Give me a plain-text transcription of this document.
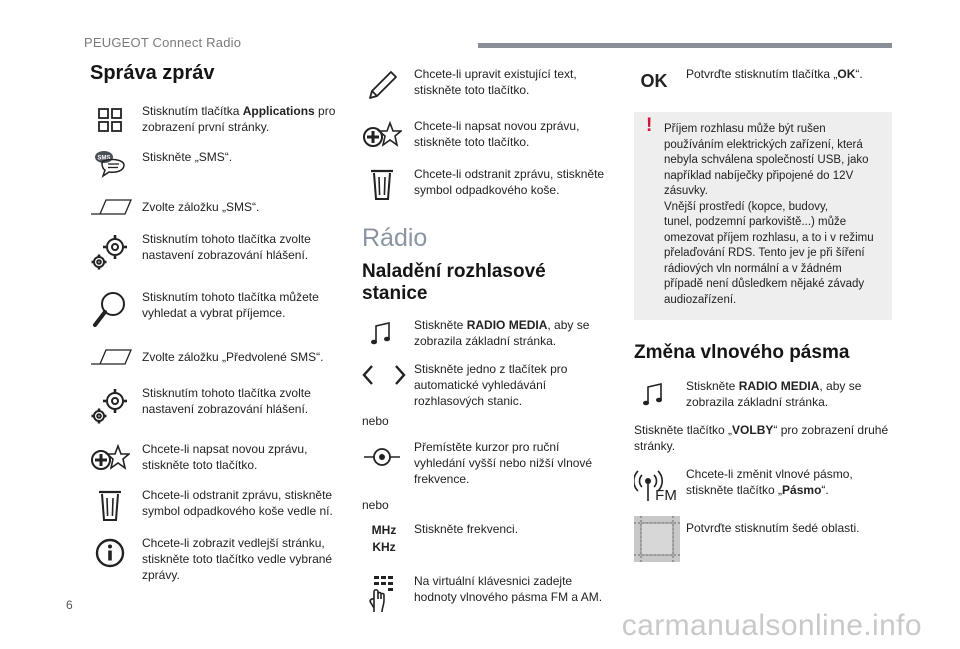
PEUGEOT Connect Radio
Správa zpráv
Stisknutím tlačítka Applications pro zobrazení první stránky.
SMS	Stiskněte „SMS“.
Zvolte záložku „SMS“.
Stisknutím tohoto tlačítka zvolte nastavení zobrazování hlášení.
Stisknutím tohoto tlačítka můžete vyhledat a vybrat příjemce.
Zvolte záložku „Předvolené SMS“.
Stisknutím tohoto tlačítka zvolte nastavení zobrazování hlášení.
Chcete-li napsat novou zprávu, stiskněte toto tlačítko.
Chcete-li odstranit zprávu, stiskněte symbol odpadkového koše vedle ní.
Chcete-li zobrazit vedlejší stránku, stiskněte toto tlačítko vedle vybrané zprávy.
Chcete-li upravit existující text, stiskněte toto tlačítko.
Chcete-li napsat novou zprávu, stiskněte toto tlačítko.
Chcete-li odstranit zprávu, stiskněte symbol odpadkového koše.
Rádio
Naladění rozhlasové stanice
Stiskněte RADIO MEDIA, aby se zobrazila základní stránka.
Stiskněte jedno z tlačítek pro automatické vyhledávání rozhlasových stanic.
nebo
Přemístěte kurzor pro ruční vyhledání vyšší nebo nižší vlnové frekvence.
nebo
MHz
KHz
Stiskněte frekvenci.
Na virtuální klávesnici zadejte hodnoty vlnového pásma FM a AM.
OK	Potvrďte stisknutím tlačítka „OK“.
! Příjem rozhlasu může být rušen
používáním elektrických zařízení, která
nebyla schválena společností USB, jako
například nabíječky připojené do 12V
zásuvky.
Vnější prostředí (kopce, budovy,
tunel, podzemní parkoviště...) může
omezovat příjem rozhlasu, a to i v režimu
přelaďování RDS. Tento jev je při šíření
rádiových vln normální a v žádném
případě není důsledkem nějaké závady
audiozařízení.
Změna vlnového pásma
Stiskněte RADIO MEDIA, aby se zobrazila základní stránka.
Stiskněte tlačítko „VOLBY“ pro zobrazení druhé stránky.
FM
Chcete-li změnit vlnové pásmo, stiskněte tlačítko „Pásmo“.
Potvrďte stisknutím šedé oblasti.
6
carmanualsonline.info
